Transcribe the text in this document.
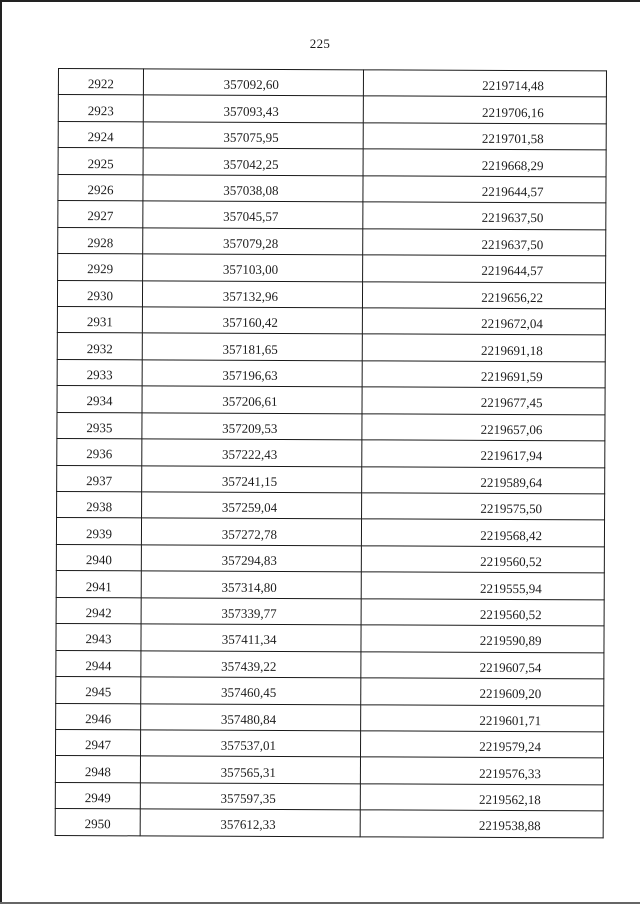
225
2922	357092,60	2219714,48

2923	357093,43	2219706,16

2924	357075,95	2219701,58

2925	357042,25	2219668,29

2926	357038,08	2219644,57

2927	357045,57	2219637,50

2928	357079,28	2219637,50

2929	357103,00	2219644,57

2930	357132,96	2219656,22

2931	357160,42	2219672,04

2932	357181,65	2219691,18

2933	357196,63	2219691,59

2934	357206,61	2219677,45

2935	357209,53	2219657,06

2936	357222,43	2219617,94

2937	357241,15	2219589,64

2938	357259,04	2219575,50

2939	357272,78	2219568,42

2940	357294,83	2219560,52

2941	357314,80	2219555,94

2942	357339,77	2219560,52

2943	357411,34	2219590,89

2944	357439,22	2219607,54

2945	357460,45	2219609,20

2946	357480,84	2219601,71

2947	357537,01	2219579,24

2948	357565,31	2219576,33

2949	357597,35	2219562,18

2950	357612,33	2219538,88
